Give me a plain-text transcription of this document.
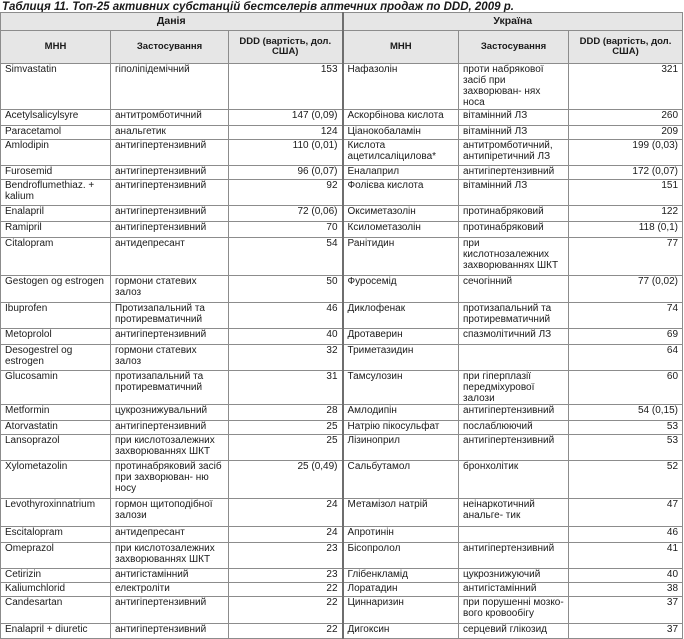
Таблиця 11. Топ-25 активних субстанцій бестселерів аптечних продаж по DDD, 2009 р.
Данія			Україна		
МНН	Застосування	DDD (вартість, дол. США)	МНН	Застосування	DDD (вартість, дол. США)
Simvastatin	гіполіпідемічний	153	Нафазолін	проти набрякової засіб при захворюван- нях носа	321
Acetylsalicylsyre	антитромботичний	147 (0,09)	Аскорбінова кислота	вітамінний ЛЗ	260
Paracetamol	анальгетик	124	Ціанокобаламін	вітамінний ЛЗ	209
Amlodipin	антигіпертензивний	110 (0,01)	Кислота ацетилсаліцилова*	антитромботичний, антипіретичний ЛЗ	199 (0,03)
Furosemid	антигіпертензивний	96 (0,07)	Еналаприл	антигіпертензивний	172 (0,07)
Bendroflumethiaz. + kalium	антигіпертензивний	92	Фолієва кислота	вітамінний ЛЗ	151
Enalapril	антигіпертензивний	72 (0,06)	Оксиметазолін	протинабряковий	122
Ramipril	антигіпертензивний	70	Ксилометазолін	протинабряковий	118 (0,1)
Citalopram	антидепресант	54	Ранітидин	при кислотнозалежних захворюваннях ШКТ	77
Gestogen og estrogen	гормони статевих залоз	50	Фуросемід	сечогінний	77 (0,02)
Ibuprofen	Протизапальний та протиревматичний	46	Диклофенак	протизапальний та протиревматичний	74
Metoprolol	антигіпертензивний	40	Дротаверин	спазмолітичний ЛЗ	69
Desogestrel og estrogen	гормони статевих залоз	32	Триметазидин		64
Glucosamin	протизапальний та протиревматичний	31	Тамсулозин	при гіперплазії передміхурової залози	60
Metformin	цукрознижувальний	28	Амлодипін	антигіпертензивний	54 (0,15)
Atorvastatin	антигіпертензивний	25	Натрію пікосульфат	послаблюючий	53
Lansoprazol	при кислотозалежних захворюваннях ШКТ	25	Лізиноприл	антигіпертензивний	53
Xylometazolin	протинабряковий засіб при захворюван- ню носу	25 (0,49)	Сальбутамол	бронхолітик	52
Levothyroxinnatrium	гормон щитоподібної залози	24	Метамізол натрій	неінаркотичний анальге- тик	47
Escitalopram	антидепресант	24	Апротинін		46
Omeprazol	при кислотозалежних захворюваннях ШКТ	23	Бісопролол	антигіпертензивний	41
Cetirizin	антигістамінний	23	Глібенкламід	цукрознижуючий	40
Kaliumchlorid	електроліти	22	Лоратадин	антигістамінний	38
Candesartan	антигіпертензивний	22	Циннаризин	при порушенні мозко- вого кровообігу	37
Enalapril + diuretic	антигіпертензивний	22	Дигоксин	серцевий глікозид	37
